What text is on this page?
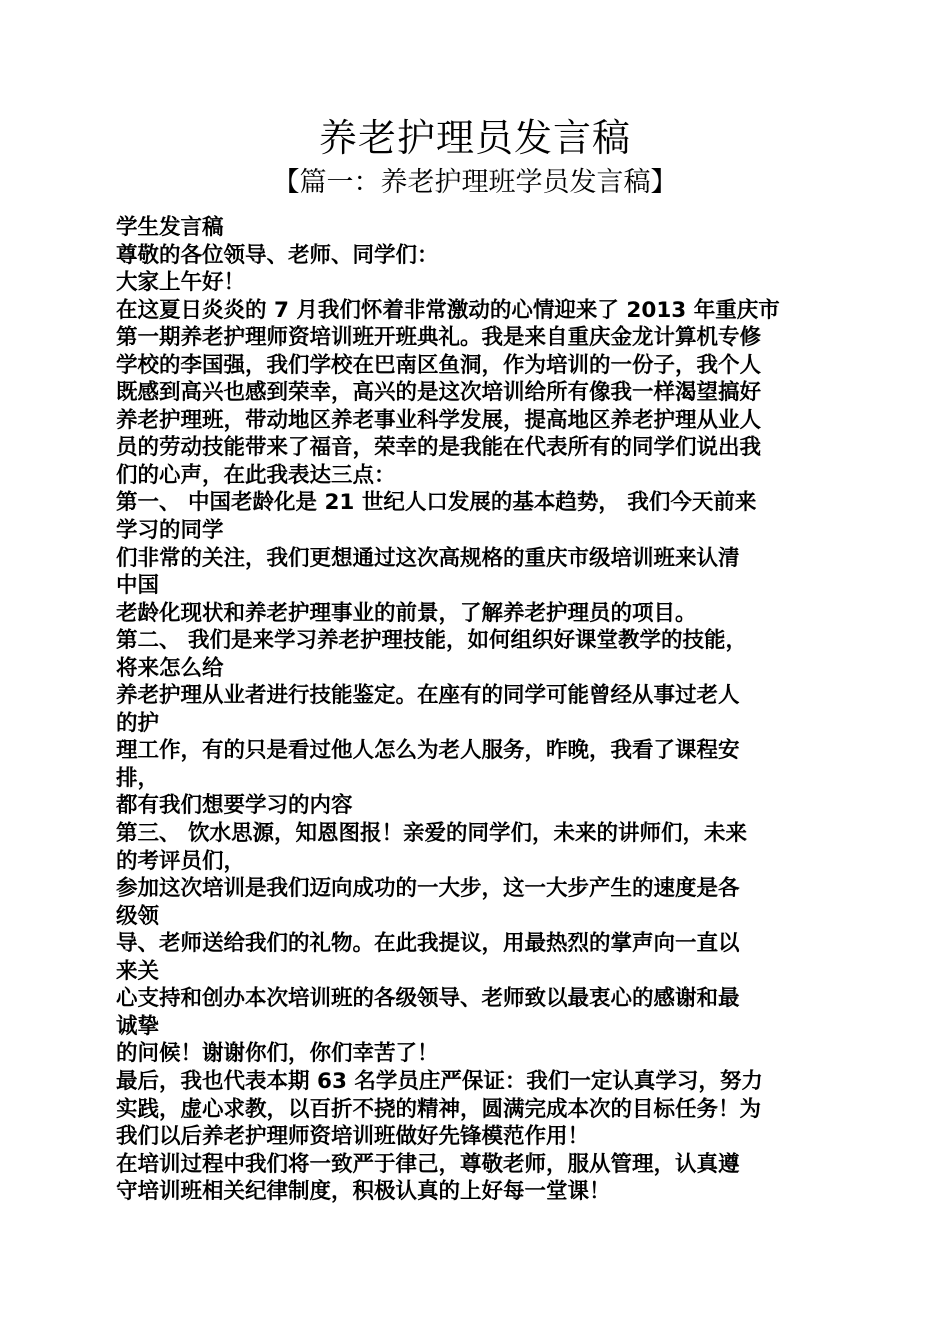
养老护理员发言稿
【篇一：养老护理班学员发言稿】
学生发言稿
尊敬的各位领导、老师、同学们：
大家上午好！
在这夏日炎炎的 7 月我们怀着非常激动的心情迎来了 2013 年重庆市
第一期养老护理师资培训班开班典礼。我是来自重庆金龙计算机专修
学校的李国强，我们学校在巴南区鱼洞，作为培训的一份子，我个人
既感到高兴也感到荣幸，高兴的是这次培训给所有像我一样渴望搞好
养老护理班，带动地区养老事业科学发展，提高地区养老护理从业人
员的劳动技能带来了福音，荣幸的是我能在代表所有的同学们说出我
们的心声，在此我表达三点：
第一、 中国老龄化是 21 世纪人口发展的基本趋势， 我们今天前来
学习的同学
们非常的关注，我们更想通过这次高规格的重庆市级培训班来认清
中国
老龄化现状和养老护理事业的前景，了解养老护理员的项目。
第二、 我们是来学习养老护理技能，如何组织好课堂教学的技能，
将来怎么给
养老护理从业者进行技能鉴定。在座有的同学可能曾经从事过老人
的护
理工作，有的只是看过他人怎么为老人服务，昨晚，我看了课程安
排，
都有我们想要学习的内容
第三、 饮水思源，知恩图报！亲爱的同学们，未来的讲师们，未来
的考评员们，
参加这次培训是我们迈向成功的一大步，这一大步产生的速度是各
级领
导、老师送给我们的礼物。在此我提议，用最热烈的掌声向一直以
来关
心支持和创办本次培训班的各级领导、老师致以最衷心的感谢和最
诚挚
的问候！谢谢你们，你们幸苦了！
最后，我也代表本期 63 名学员庄严保证：我们一定认真学习，努力
实践，虚心求教，以百折不挠的精神，圆满完成本次的目标任务！为
我们以后养老护理师资培训班做好先锋模范作用！
在培训过程中我们将一致严于律己，尊敬老师，服从管理，认真遵
守培训班相关纪律制度，积极认真的上好每一堂课！
